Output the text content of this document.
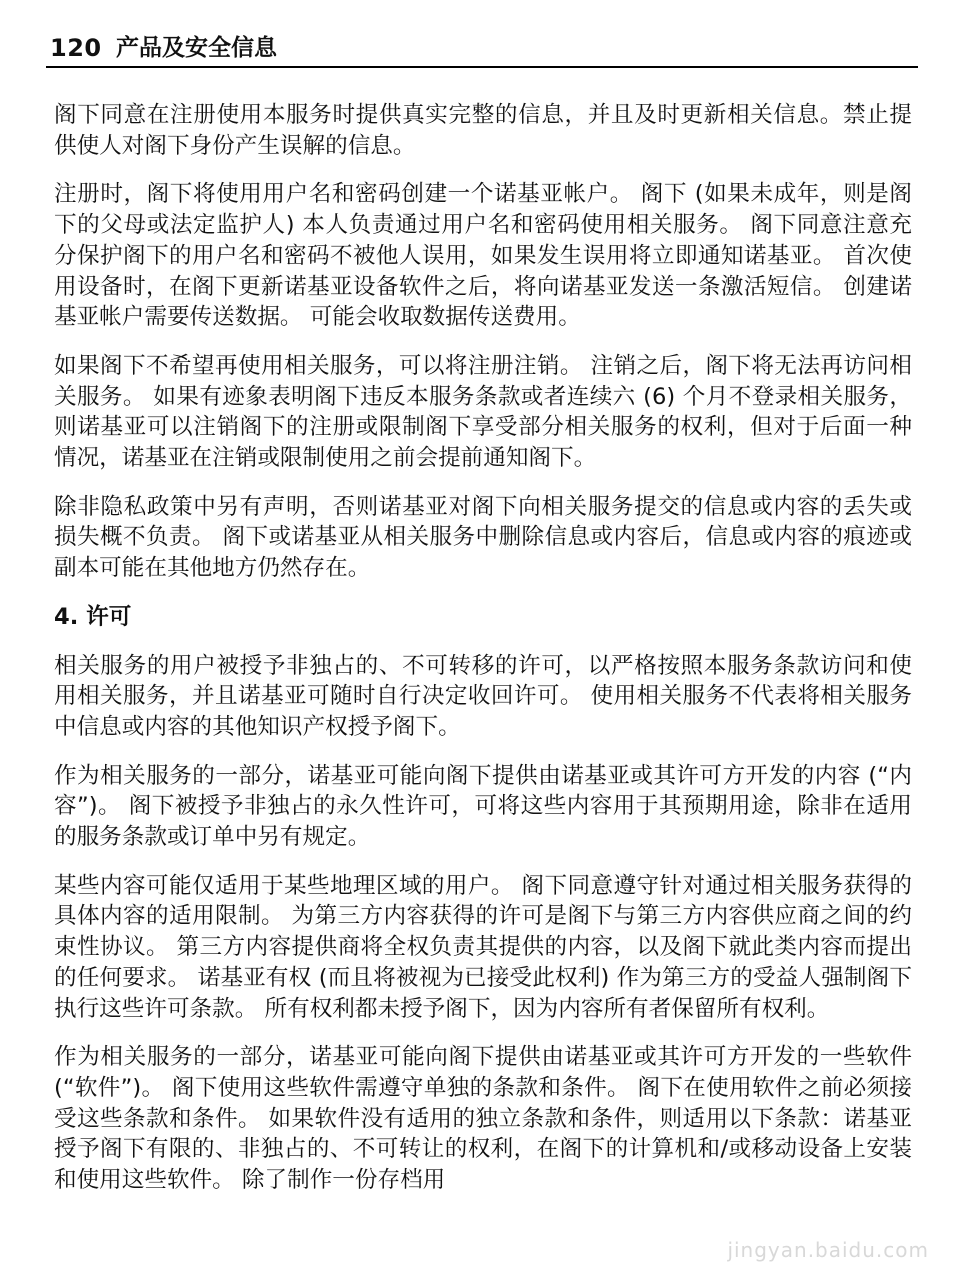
120 产品及安全信息

阁下同意在注册使用本服务时提供真实完整的信息，并且及时更新相关信息。禁止提供使人对阁下身份产生误解的信息。

注册时，阁下将使用用户名和密码创建一个诺基亚帐户。 阁下 (如果未成年，则是阁下的父母或法定监护人) 本人负责通过用户名和密码使用相关服务。 阁下同意注意充分保护阁下的用户名和密码不被他人误用，如果发生误用将立即通知诺基亚。 首次使用设备时，在阁下更新诺基亚设备软件之后，将向诺基亚发送一条激活短信。 创建诺基亚帐户需要传送数据。 可能会收取数据传送费用。

如果阁下不希望再使用相关服务，可以将注册注销。 注销之后，阁下将无法再访问相关服务。 如果有迹象表明阁下违反本服务条款或者连续六 (6) 个月不登录相关服务，则诺基亚可以注销阁下的注册或限制阁下享受部分相关服务的权利，但对于后面一种情况，诺基亚在注销或限制使用之前会提前通知阁下。

除非隐私政策中另有声明，否则诺基亚对阁下向相关服务提交的信息或内容的丢失或损失概不负责。 阁下或诺基亚从相关服务中删除信息或内容后，信息或内容的痕迹或副本可能在其他地方仍然存在。

4. 许可

相关服务的用户被授予非独占的、不可转移的许可，以严格按照本服务条款访问和使用相关服务，并且诺基亚可随时自行决定收回许可。 使用相关服务不代表将相关服务中信息或内容的其他知识产权授予阁下。

作为相关服务的一部分，诺基亚可能向阁下提供由诺基亚或其许可方开发的内容 (“内容”)。 阁下被授予非独占的永久性许可，可将这些内容用于其预期用途，除非在适用的服务条款或订单中另有规定。

某些内容可能仅适用于某些地理区域的用户。 阁下同意遵守针对通过相关服务获得的具体内容的适用限制。 为第三方内容获得的许可是阁下与第三方内容供应商之间的约束性协议。 第三方内容提供商将全权负责其提供的内容，以及阁下就此类内容而提出的任何要求。 诺基亚有权 (而且将被视为已接受此权利) 作为第三方的受益人强制阁下执行这些许可条款。 所有权利都未授予阁下，因为内容所有者保留所有权利。

作为相关服务的一部分，诺基亚可能向阁下提供由诺基亚或其许可方开发的一些软件 (“软件”)。 阁下使用这些软件需遵守单独的条款和条件。 阁下在使用软件之前必须接受这些条款和条件。 如果软件没有适用的独立条款和条件，则适用以下条款：诺基亚授予阁下有限的、非独占的、不可转让的权利，在阁下的计算机和/或移动设备上安装和使用这些软件。 除了制作一份存档用

jingyan.baidu.com
